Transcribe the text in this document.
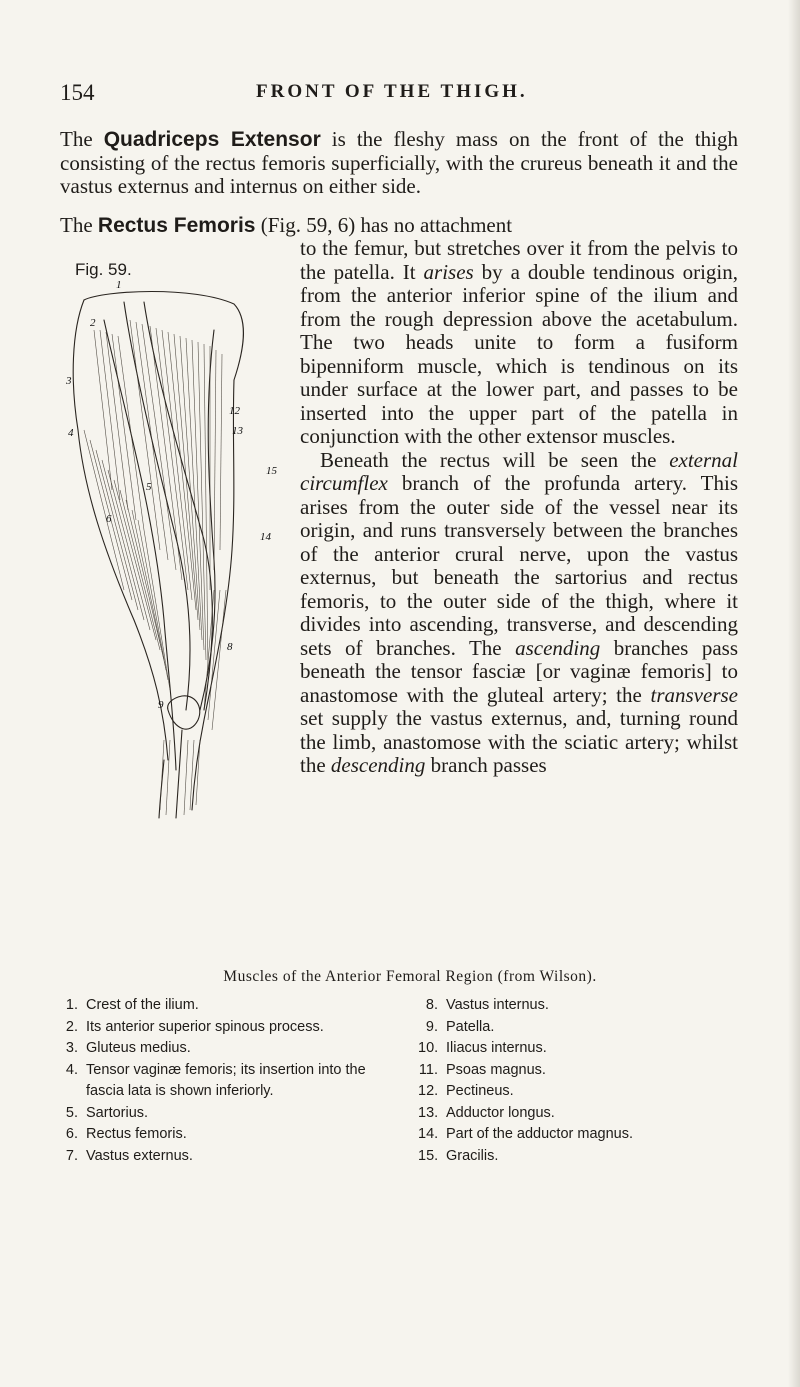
154	FRONT OF THE THIGH.
The Quadriceps Extensor is the fleshy mass on the front of the thigh consisting of the rectus femoris superficially, with the crureus beneath it and the vastus externus and internus on either side.
The Rectus Femoris (Fig. 59, 6) has no attachment
Fig. 59.

to the femur, but stretches over it from the pelvis to the patella. It arises by a double tendinous origin, from the anterior inferior spine of the ilium and from the rough depression above the acetabulum. The two heads unite to form a fusiform bipenniform muscle, which is tendinous on its under surface at the lower part, and passes to be inserted into the upper part of the patella in conjunction with the other extensor muscles.

Beneath the rectus will be seen the external circumflex branch of the profunda artery. This arises from the outer side of the vessel near its origin, and runs transversely between the branches of the anterior crural nerve, upon the vastus externus, but beneath the sartorius and rectus femoris, to the outer side of the thigh, where it divides into ascending, transverse, and descending sets of branches. The ascending branches pass beneath the tensor fasciæ [or vaginæ femoris] to anastomose with the gluteal artery; the transverse set supply the vastus externus, and, turning round the limb, anastomose with the sciatic artery; whilst the descending branch passes

1
2
3
4
5
6
8
9
12
13
14
15
Muscles of the Anterior Femoral Region (from Wilson).
1. Crest of the ilium.
2. Its anterior superior spinous process.
3. Gluteus medius.
4. Tensor vaginæ femoris; its insertion into the fascia lata is shown inferiorly.
5. Sartorius.
6. Rectus femoris.
7. Vastus externus.
8. Vastus internus.
9. Patella.
10. Iliacus internus.
11. Psoas magnus.
12. Pectineus.
13. Adductor longus.
14. Part of the adductor magnus.
15. Gracilis.
